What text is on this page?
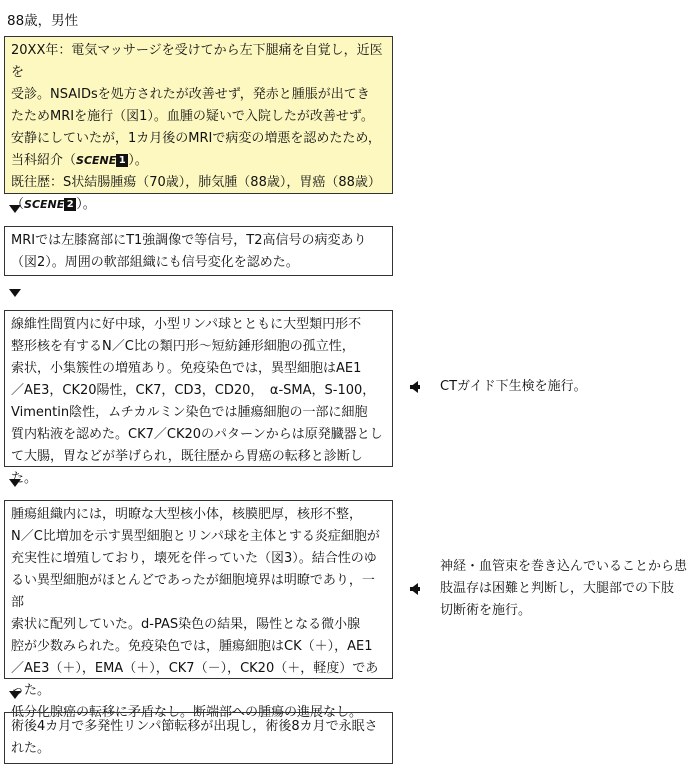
88歳，男性

20XX年：電気マッサージを受けてから左下腿痛を自覚し，近医を

受診。NSAIDsを処方されたが改善せず，発赤と腫脹が出てき

たためMRIを施行（図1）。血腫の疑いで入院したが改善せず。

安静にしていたが，1カ月後のMRIで病変の増悪を認めたため，

当科紹介（SCENE 1 ）。

既往歴：S状結腸腫瘍（70歳），肺気腫（88歳），胃癌（88歳）

（SCENE 2 ）。

MRIでは左膝窩部にT1強調像で等信号，T2高信号の病変あり

（図2）。周囲の軟部組織にも信号変化を認めた。

線維性間質内に好中球，小型リンパ球とともに大型類円形不

整形核を有するN／C比の類円形～短紡錘形細胞の孤立性，

索状，小集簇性の増殖あり。免疫染色では，異型細胞はAE1

／AE3，CK20陽性，CK7，CD3，CD20，　α-SMA，S-100，

Vimentin陰性，ムチカルミン染色では腫瘍細胞の一部に細胞

質内粘液を認めた。CK7／CK20のパターンからは原発臓器とし

て大腸，胃などが挙げられ，既往歴から胃癌の転移と診断した。

CTガイド下生検を施行。

腫瘍組織内には，明瞭な大型核小体，核膜肥厚，核形不整，

N／C比増加を示す異型細胞とリンパ球を主体とする炎症細胞が

充実性に増殖しており，壊死を伴っていた（図3）。結合性のゆ

るい異型細胞がほとんどであったが細胞境界は明瞭であり，一部

索状に配列していた。d-PAS染色の結果，陽性となる微小腺

腔が少数みられた。免疫染色では，腫瘍細胞はCK（＋），AE1

／AE3（＋），EMA（＋），CK7（－），CK20（＋，軽度）であった。

低分化腺癌の転移に矛盾なし。断端部への腫瘍の進展なし。

神経・血管束を巻き込んでいることから患
肢温存は困難と判断し，大腿部での下肢
切断術を施行。

術後4カ月で多発性リンパ節転移が出現し，術後8カ月で永眠さ

れた。
